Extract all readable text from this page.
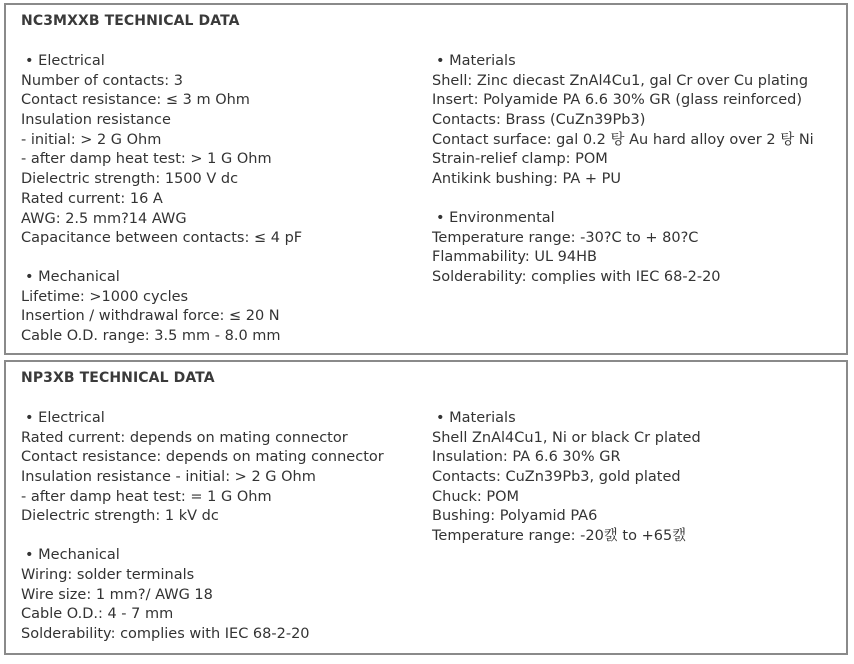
NC3MXXB TECHNICAL DATA
• Electrical
Number of contacts: 3
Contact resistance: ≤ 3 m Ohm
Insulation resistance
- initial: > 2 G Ohm
- after damp heat test: > 1 G Ohm
Dielectric strength: 1500 V dc
Rated current: 16 A
AWG: 2.5 mm?14 AWG
Capacitance between contacts: ≤ 4 pF
• Mechanical
Lifetime: >1000 cycles
Insertion / withdrawal force: ≤ 20 N
Cable O.D. range: 3.5 mm - 8.0 mm
• Materials
Shell: Zinc diecast ZnAl4Cu1, gal Cr over Cu plating
Insert: Polyamide PA 6.6 30% GR (glass reinforced)
Contacts: Brass (CuZn39Pb3)
Contact surface: gal 0.2 탕 Au hard alloy over 2 탕 Ni
Strain-relief clamp: POM
Antikink bushing: PA + PU
• Environmental
Temperature range: -30?C to + 80?C
Flammability: UL 94HB
Solderability: complies with IEC 68-2-20
NP3XB TECHNICAL DATA
• Electrical
Rated current: depends on mating connector
Contact resistance: depends on mating connector
Insulation resistance - initial: > 2 G Ohm
- after damp heat test: = 1 G Ohm
Dielectric strength: 1 kV dc
• Mechanical
Wiring: solder terminals
Wire size: 1 mm?/ AWG 18
Cable O.D.: 4 - 7 mm
Solderability: complies with IEC 68-2-20
• Materials
Shell ZnAl4Cu1, Ni or black Cr plated
Insulation: PA 6.6 30% GR
Contacts: CuZn39Pb3, gold plated
Chuck: POM
Bushing: Polyamid PA6
Temperature range: -20캜 to +65캜
